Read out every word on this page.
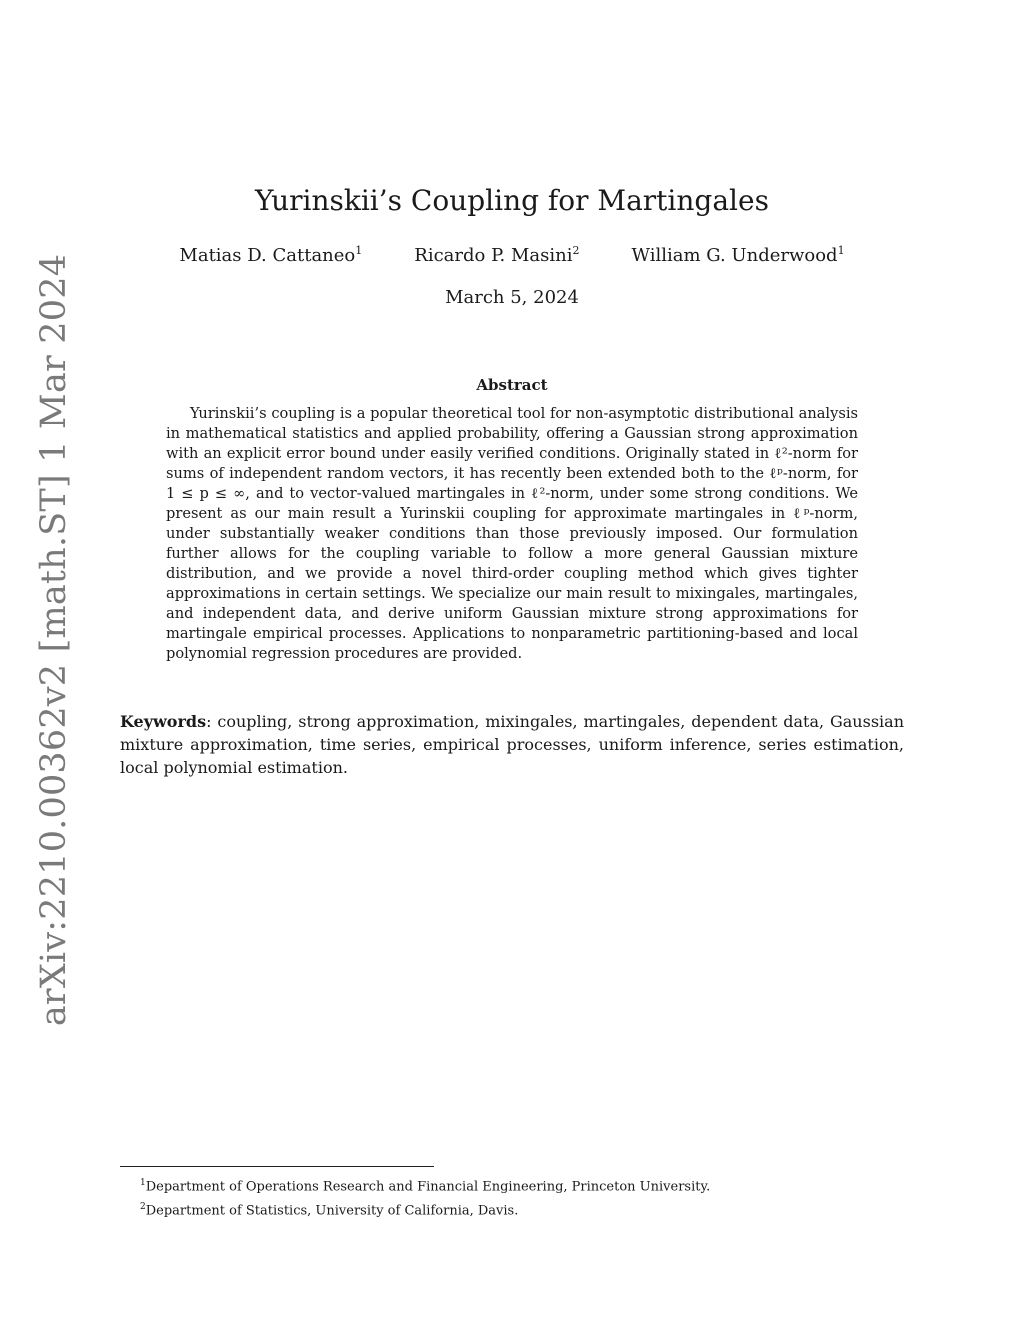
arXiv:2210.00362v2 [math.ST] 1 Mar 2024
Yurinskii’s Coupling for Martingales
Matias D. Cattaneo$^1$	Ricardo P. Masini$^2$	William G. Underwood$^1$
March 5, 2024
Abstract

Yurinskii’s coupling is a popular theoretical tool for non-asymptotic distributional analysis in mathematical statistics and applied probability, offering a Gaussian strong approximation with an explicit error bound under easily verified conditions. Originally stated in ℓ²-norm for sums of independent random vectors, it has recently been extended both to the ℓᵖ-norm, for 1 ≤ p ≤ ∞, and to vector-valued martingales in ℓ²-norm, under some strong conditions. We present as our main result a Yurinskii coupling for approximate martingales in ℓᵖ-norm, under substantially weaker conditions than those previously imposed. Our formulation further allows for the coupling variable to follow a more general Gaussian mixture distribution, and we provide a novel third-order coupling method which gives tighter approximations in certain settings. We specialize our main result to mixingales, martingales, and independent data, and derive uniform Gaussian mixture strong approximations for martingale empirical processes. Applications to nonparametric partitioning-based and local polynomial regression procedures are provided.

Keywords: coupling, strong approximation, mixingales, martingales, dependent data, Gaussian mixture approximation, time series, empirical processes, uniform inference, series estimation, local polynomial estimation.

$^1$Department of Operations Research and Financial Engineering, Princeton University.
$^2$Department of Statistics, University of California, Davis.
